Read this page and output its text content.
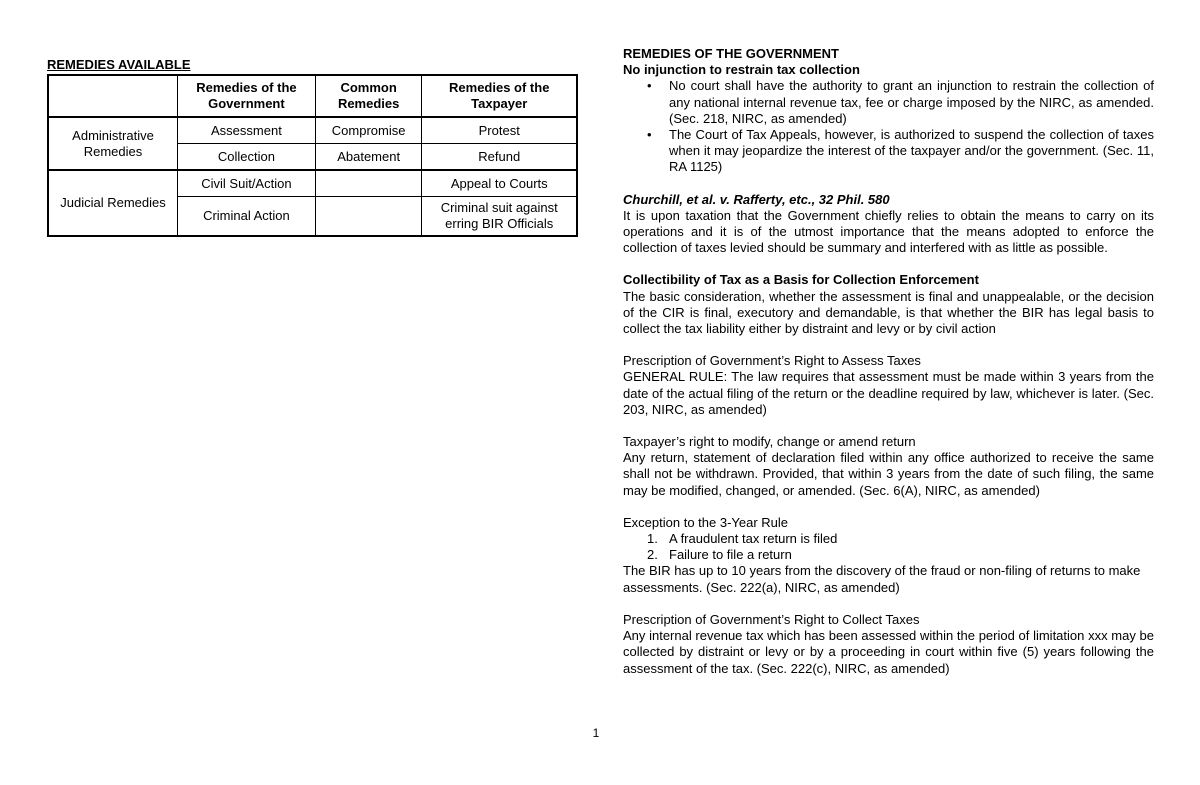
REMEDIES AVAILABLE
	Remedies of the Government	Common Remedies	Remedies of the Taxpayer
Administrative Remedies	Assessment	Compromise	Protest
	Collection	Abatement	Refund
Judicial Remedies	Civil Suit/Action		Appeal to Courts
	Criminal Action		Criminal suit against erring BIR Officials

REMEDIES OF THE GOVERNMENT

No injunction to restrain tax collection

• No court shall have the authority to grant an injunction to restrain the collection of any national internal revenue tax, fee or charge imposed by the NIRC, as amended. (Sec. 218, NIRC, as amended)
• The Court of Tax Appeals, however, is authorized to suspend the collection of taxes when it may jeopardize the interest of the taxpayer and/or the government. (Sec. 11, RA 1125)

Churchill, et al. v. Rafferty, etc., 32 Phil. 580

It is upon taxation that the Government chiefly relies to obtain the means to carry on its operations and it is of the utmost importance that the means adopted to enforce the collection of taxes levied should be summary and interfered with as little as possible.

Collectibility of Tax as a Basis for Collection Enforcement

The basic consideration, whether the assessment is final and unappealable, or the decision of the CIR is final, executory and demandable, is that whether the BIR has legal basis to collect the tax liability either by distraint and levy or by civil action

Prescription of Government’s Right to Assess Taxes

GENERAL RULE: The law requires that assessment must be made within 3 years from the date of the actual filing of the return or the deadline required by law, whichever is later. (Sec. 203, NIRC, as amended)

Taxpayer’s right to modify, change or amend return

Any return, statement of declaration filed within any office authorized to receive the same shall not be withdrawn. Provided, that within 3 years from the date of such filing, the same may be modified, changed, or amended. (Sec. 6(A), NIRC, as amended)

Exception to the 3-Year Rule

1. A fraudulent tax return is filed
2. Failure to file a return

The BIR has up to 10 years from the discovery of the fraud or non-filing of returns to make assessments. (Sec. 222(a), NIRC, as amended)

Prescription of Government’s Right to Collect Taxes

Any internal revenue tax which has been assessed within the period of limitation xxx may be collected by distraint or levy or by a proceeding in court within five (5) years following the assessment of the tax. (Sec. 222(c), NIRC, as amended)

1
